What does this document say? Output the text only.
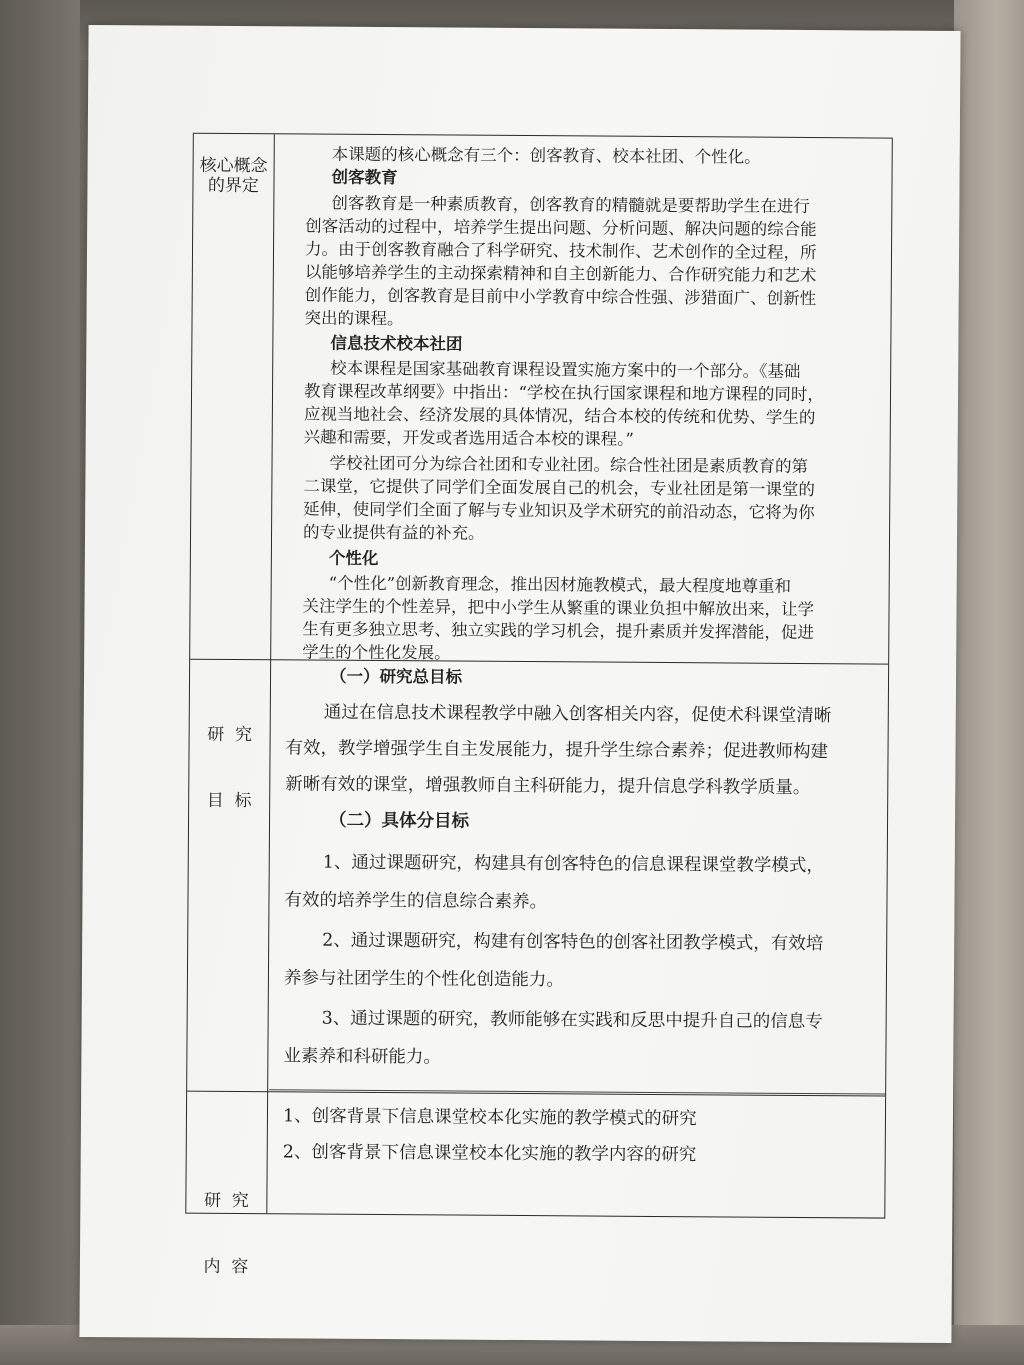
核心概念
的界定
本课题的核心概念有三个：创客教育、校本社团、个性化。
创客教育
创客教育是一种素质教育，创客教育的精髓就是要帮助学生在进行
创客活动的过程中，培养学生提出问题、分析问题、解决问题的综合能
力。由于创客教育融合了科学研究、技术制作、艺术创作的全过程，所
以能够培养学生的主动探索精神和自主创新能力、合作研究能力和艺术
创作能力，创客教育是目前中小学教育中综合性强、涉猎面广、创新性
突出的课程。
信息技术校本社团
校本课程是国家基础教育课程设置实施方案中的一个部分。《基础
教育课程改革纲要》中指出：“学校在执行国家课程和地方课程的同时，
应视当地社会、经济发展的具体情况，结合本校的传统和优势、学生的
兴趣和需要，开发或者选用适合本校的课程。”
学校社团可分为综合社团和专业社团。综合性社团是素质教育的第
二课堂，它提供了同学们全面发展自己的机会，专业社团是第一课堂的
延伸，使同学们全面了解与专业知识及学术研究的前沿动态，它将为你
的专业提供有益的补充。
个性化
“个性化”创新教育理念，推出因材施教模式，最大程度地尊重和
关注学生的个性差异，把中小学生从繁重的课业负担中解放出来，让学
生有更多独立思考、独立实践的学习机会，提升素质并发挥潜能，促进
学生的个性化发展。

研  究

目  标

（一）研究总目标
通过在信息技术课程教学中融入创客相关内容，促使术科课堂清晰
有效，教学增强学生自主发展能力，提升学生综合素养；促进教师构建
新晰有效的课堂，增强教师自主科研能力，提升信息学科教学质量。
（二）具体分目标
1、通过课题研究，构建具有创客特色的信息课程课堂教学模式，
有效的培养学生的信息综合素养。
2、通过课题研究，构建有创客特色的创客社团教学模式，有效培
养参与社团学生的个性化创造能力。
3、通过课题的研究，教师能够在实践和反思中提升自己的信息专
业素养和科研能力。

研  究

内  容

1、创客背景下信息课堂校本化实施的教学模式的研究
2、创客背景下信息课堂校本化实施的教学内容的研究
